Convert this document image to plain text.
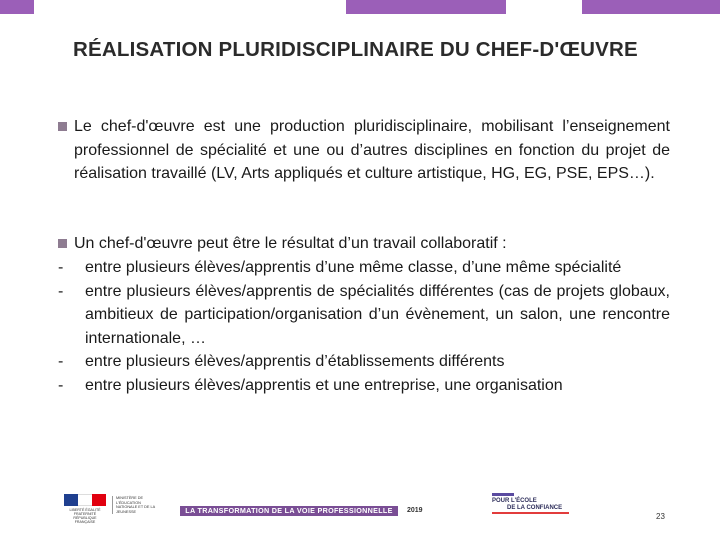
RÉALISATION PLURIDISCIPLINAIRE DU CHEF-D'ŒUVRE
Le chef-d'œuvre est une production pluridisciplinaire, mobilisant l’enseignement professionnel de spécialité et une ou d’autres disciplines en fonction du projet de réalisation travaillé (LV, Arts appliqués et culture artistique, HG, EG, PSE, EPS…).
Un chef-d'œuvre peut être le résultat d’un travail collaboratif :
- entre plusieurs élèves/apprentis d’une même classe, d’une même spécialité
- entre plusieurs élèves/apprentis de spécialités différentes (cas de projets globaux, ambitieux de participation/organisation d’un évènement, un salon, une rencontre internationale, …
- entre plusieurs élèves/apprentis d’établissements différents
- entre plusieurs élèves/apprentis et une entreprise, une organisation
LIBERTÉ ÉGALITÉ FRATERNITÉ RÉPUBLIQUE FRANÇAISE
MINISTÈRE DE L'ÉDUCATION NATIONALE ET DE LA JEUNESSE	LA TRANSFORMATION DE LA VOIE PROFESSIONNELLE	2019
POUR L'ÉCOLE
DE LA CONFIANCE
23
